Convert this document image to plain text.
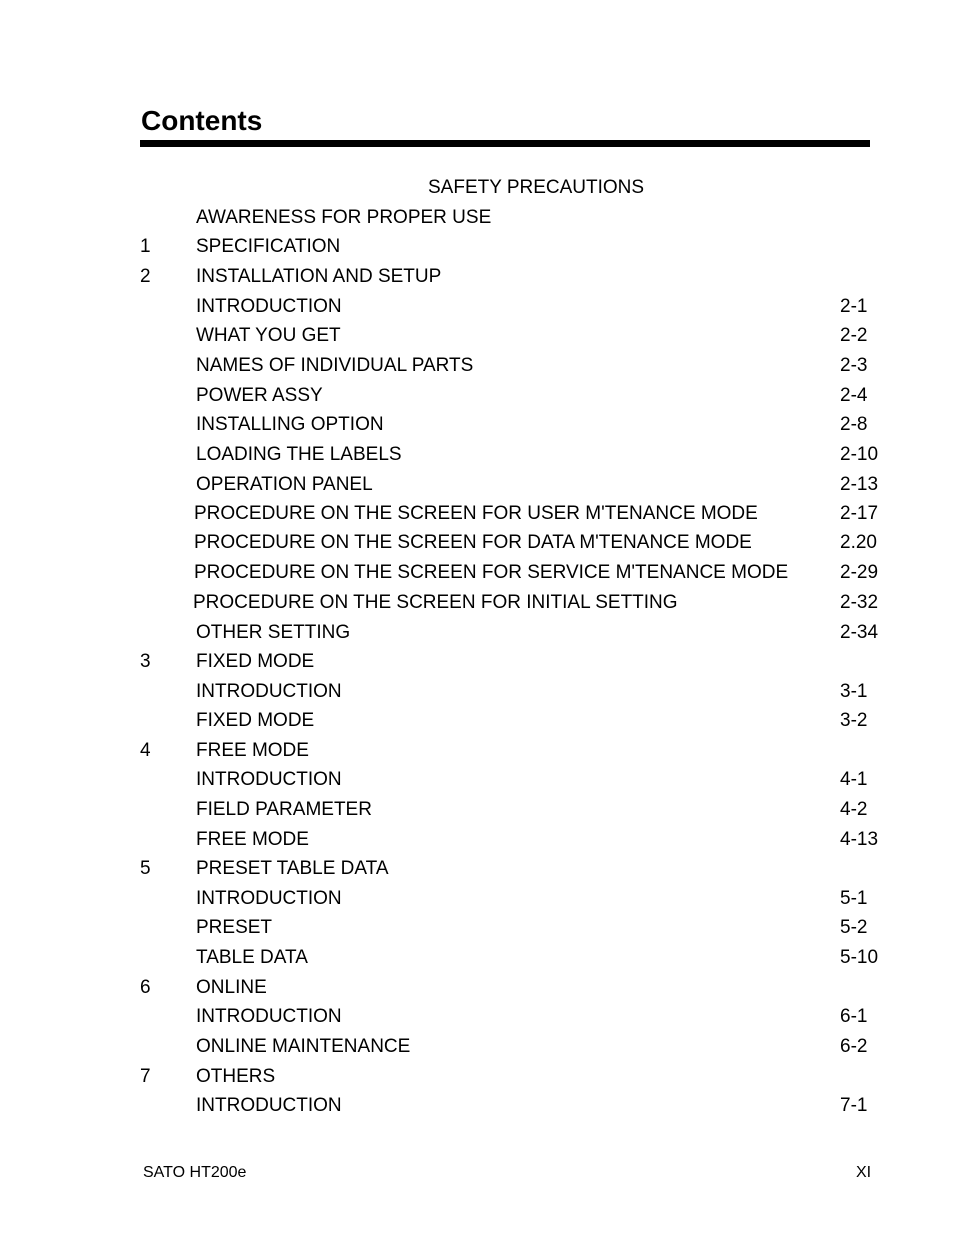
Contents
SAFETY PRECAUTIONS
AWARENESS FOR PROPER USE
1 SPECIFICATION
2 INSTALLATION AND SETUP
INTRODUCTION	2-1
WHAT YOU GET	2-2
NAMES OF INDIVIDUAL PARTS	2-3
POWER ASSY	2-4
INSTALLING OPTION	2-8
LOADING THE LABELS	2-10
OPERATION PANEL	2-13
PROCEDURE ON THE SCREEN FOR USER M'TENANCE MODE	2-17
PROCEDURE ON THE SCREEN FOR DATA M'TENANCE MODE	2.20
PROCEDURE ON THE SCREEN FOR SERVICE M'TENANCE MODE	2-29
PROCEDURE ON THE SCREEN FOR INITIAL SETTING	2-32
OTHER SETTING	2-34
3 FIXED MODE
INTRODUCTION	3-1
FIXED MODE	3-2
4 FREE MODE
INTRODUCTION	4-1
FIELD PARAMETER	4-2
FREE MODE	4-13
5 PRESET TABLE DATA
INTRODUCTION	5-1
PRESET	5-2
TABLE DATA	5-10
6 ONLINE
INTRODUCTION	6-1
ONLINE MAINTENANCE	6-2
7 OTHERS
INTRODUCTION	7-1
SATO HT200e	XI
